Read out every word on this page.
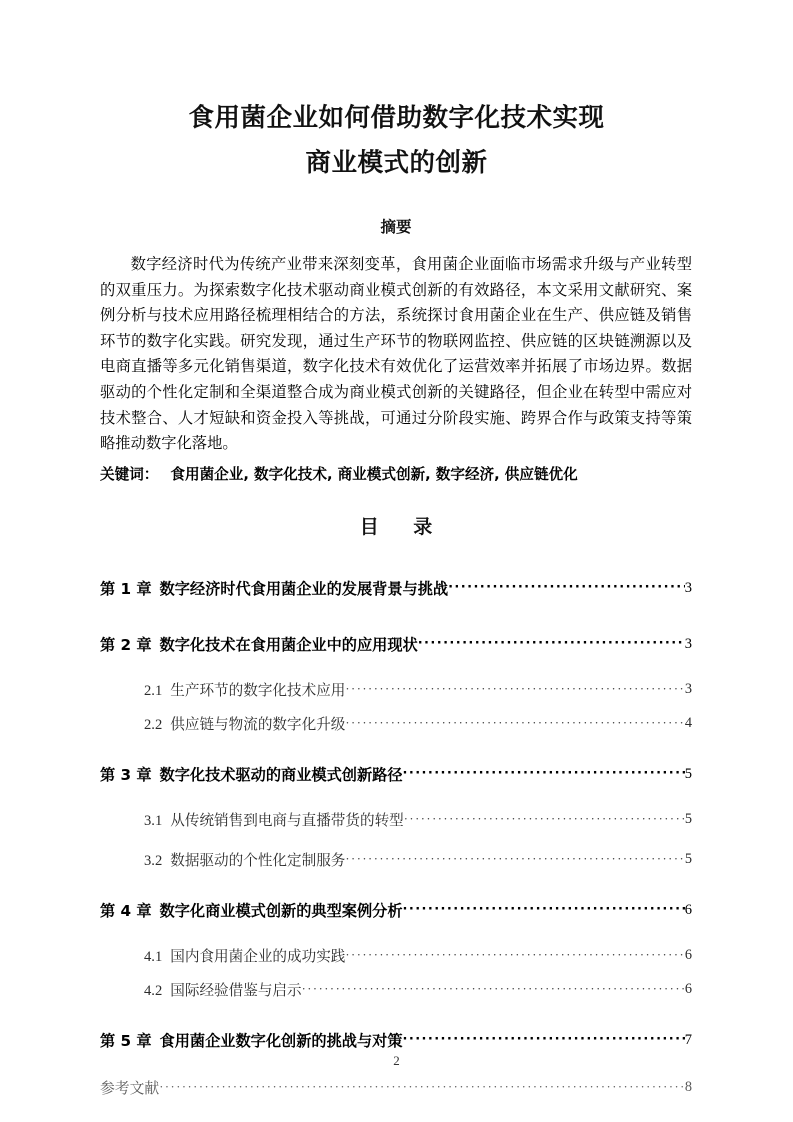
食用菌企业如何借助数字化技术实现
商业模式的创新
摘要

数字经济时代为传统产业带来深刻变革，食用菌企业面临市场需求升级与产业转型的双重压力。为探索数字化技术驱动商业模式创新的有效路径，本文采用文献研究、案例分析与技术应用路径梳理相结合的方法，系统探讨食用菌企业在生产、供应链及销售环节的数字化实践。研究发现，通过生产环节的物联网监控、供应链的区块链溯源以及电商直播等多元化销售渠道，数字化技术有效优化了运营效率并拓展了市场边界。数据驱动的个性化定制和全渠道整合成为商业模式创新的关键路径，但企业在转型中需应对技术整合、人才短缺和资金投入等挑战，可通过分阶段实施、跨界合作与政策支持等策略推动数字化落地。

关键词： 食用菌企业, 数字化技术, 商业模式创新, 数字经济, 供应链优化
目 录
第 1 章 数字经济时代食用菌企业的发展背景与挑战 ·····	3
第 2 章 数字化技术在食用菌企业中的应用现状 ·····	3
2.1 生产环节的数字化技术应用 ·····	3
2.2 供应链与物流的数字化升级 ·····	4
第 3 章 数字化技术驱动的商业模式创新路径 ·····	5
3.1 从传统销售到电商与直播带货的转型 ·····	5
3.2 数据驱动的个性化定制服务 ·····	5
第 4 章 数字化商业模式创新的典型案例分析 ·····	6
4.1 国内食用菌企业的成功实践 ·····	6
4.2 国际经验借鉴与启示 ·····	6
第 5 章 食用菌企业数字化创新的挑战与对策 ·····	7
参考文献 ·····	8
2
